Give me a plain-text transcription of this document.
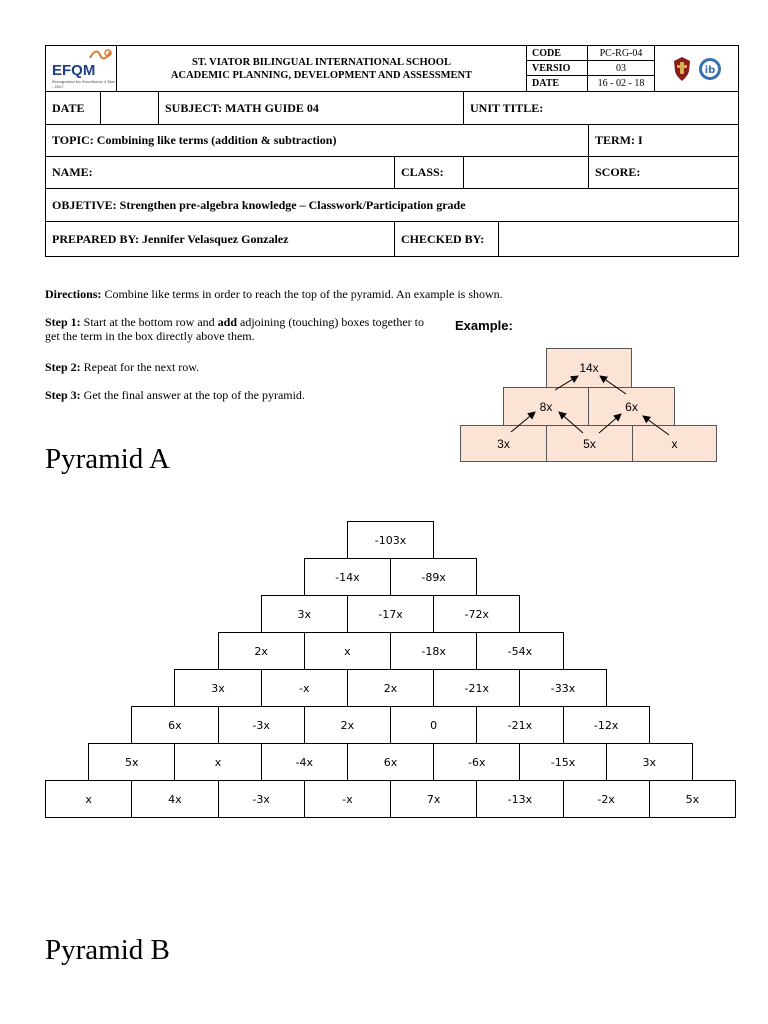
EFQM
Recognised for Excellence 4 Star - 2017
ST. VIATOR BILINGUAL INTERNATIONAL SCHOOL
ACADEMIC PLANNING, DEVELOPMENT AND ASSESSMENT
CODE	PC-RG-04
VERSIO	03
DATE	16 - 02 - 18
ib
DATE	SUBJECT: MATH GUIDE 04	UNIT TITLE:
TOPIC: Combining like terms (addition & subtraction)	TERM: I
NAME:	CLASS:	SCORE:
OBJETIVE: Strengthen pre-algebra knowledge – Classwork/Participation grade
PREPARED BY: Jennifer Velasquez Gonzalez	CHECKED BY:
Directions: Combine like terms in order to reach the top of the pyramid. An example is shown.
Step 1: Start at the bottom row and add adjoining (touching) boxes together to get the term in the box directly above them.
Step 2: Repeat for the next row.
Step 3: Get the final answer at the top of the pyramid.
Example:
14x
8x	6x
3x	5x	x
Pyramid A
-103x
-14x	-89x
3x	-17x	-72x
2x	x	-18x	-54x
3x	-x	2x	-21x	-33x
6x	-3x	2x	0	-21x	-12x
5x	x	-4x	6x	-6x	-15x	3x
x	4x	-3x	-x	7x	-13x	-2x	5x
Pyramid B
